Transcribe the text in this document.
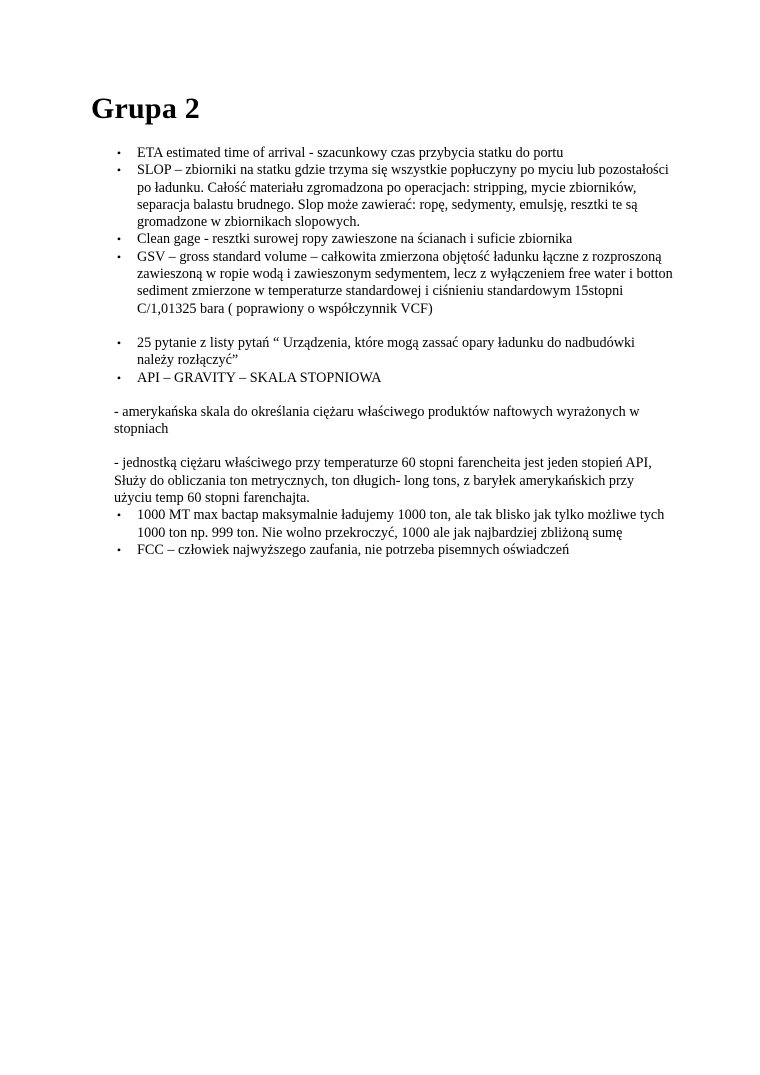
Grupa 2
• ETA estimated time of arrival - szacunkowy czas przybycia statku do portu
• SLOP – zbiorniki na statku gdzie trzyma się wszystkie popłuczyny po myciu lub pozostałości po ładunku. Całość materiału zgromadzona po operacjach: stripping, mycie zbiorników, separacja balastu brudnego. Slop może zawierać: ropę, sedymenty, emulsję, resztki te są gromadzone w zbiornikach slopowych.
• Clean gage - resztki surowej ropy zawieszone na ścianach i suficie zbiornika
• GSV – gross standard volume – całkowita zmierzona objętość ładunku łączne z rozproszoną zawieszoną w ropie wodą i zawieszonym sedymentem, lecz z wyłączeniem free water i botton sediment zmierzone w temperaturze standardowej i ciśnieniu standardowym 15stopni C/1,01325 bara ( poprawiony o współczynnik VCF)
• 25 pytanie z listy pytań “ Urządzenia, które mogą zassać opary ładunku do nadbudówki należy rozłączyć”
• API – GRAVITY – SKALA STOPNIOWA

- amerykańska skala do określania ciężaru właściwego produktów naftowych wyrażonych w stopniach

- jednostką ciężaru właściwego przy temperaturze 60 stopni farencheita jest jeden stopień API, Służy do obliczania ton metrycznych, ton długich- long tons, z baryłek amerykańskich przy użyciu temp 60 stopni farenchajta.

• 1000 MT max bactap maksymalnie ładujemy 1000 ton, ale tak blisko jak tylko możliwe tych 1000 ton np. 999 ton. Nie wolno przekroczyć, 1000 ale jak najbardziej zbliżoną sumę
• FCC – człowiek najwyższego zaufania, nie potrzeba pisemnych oświadczeń
